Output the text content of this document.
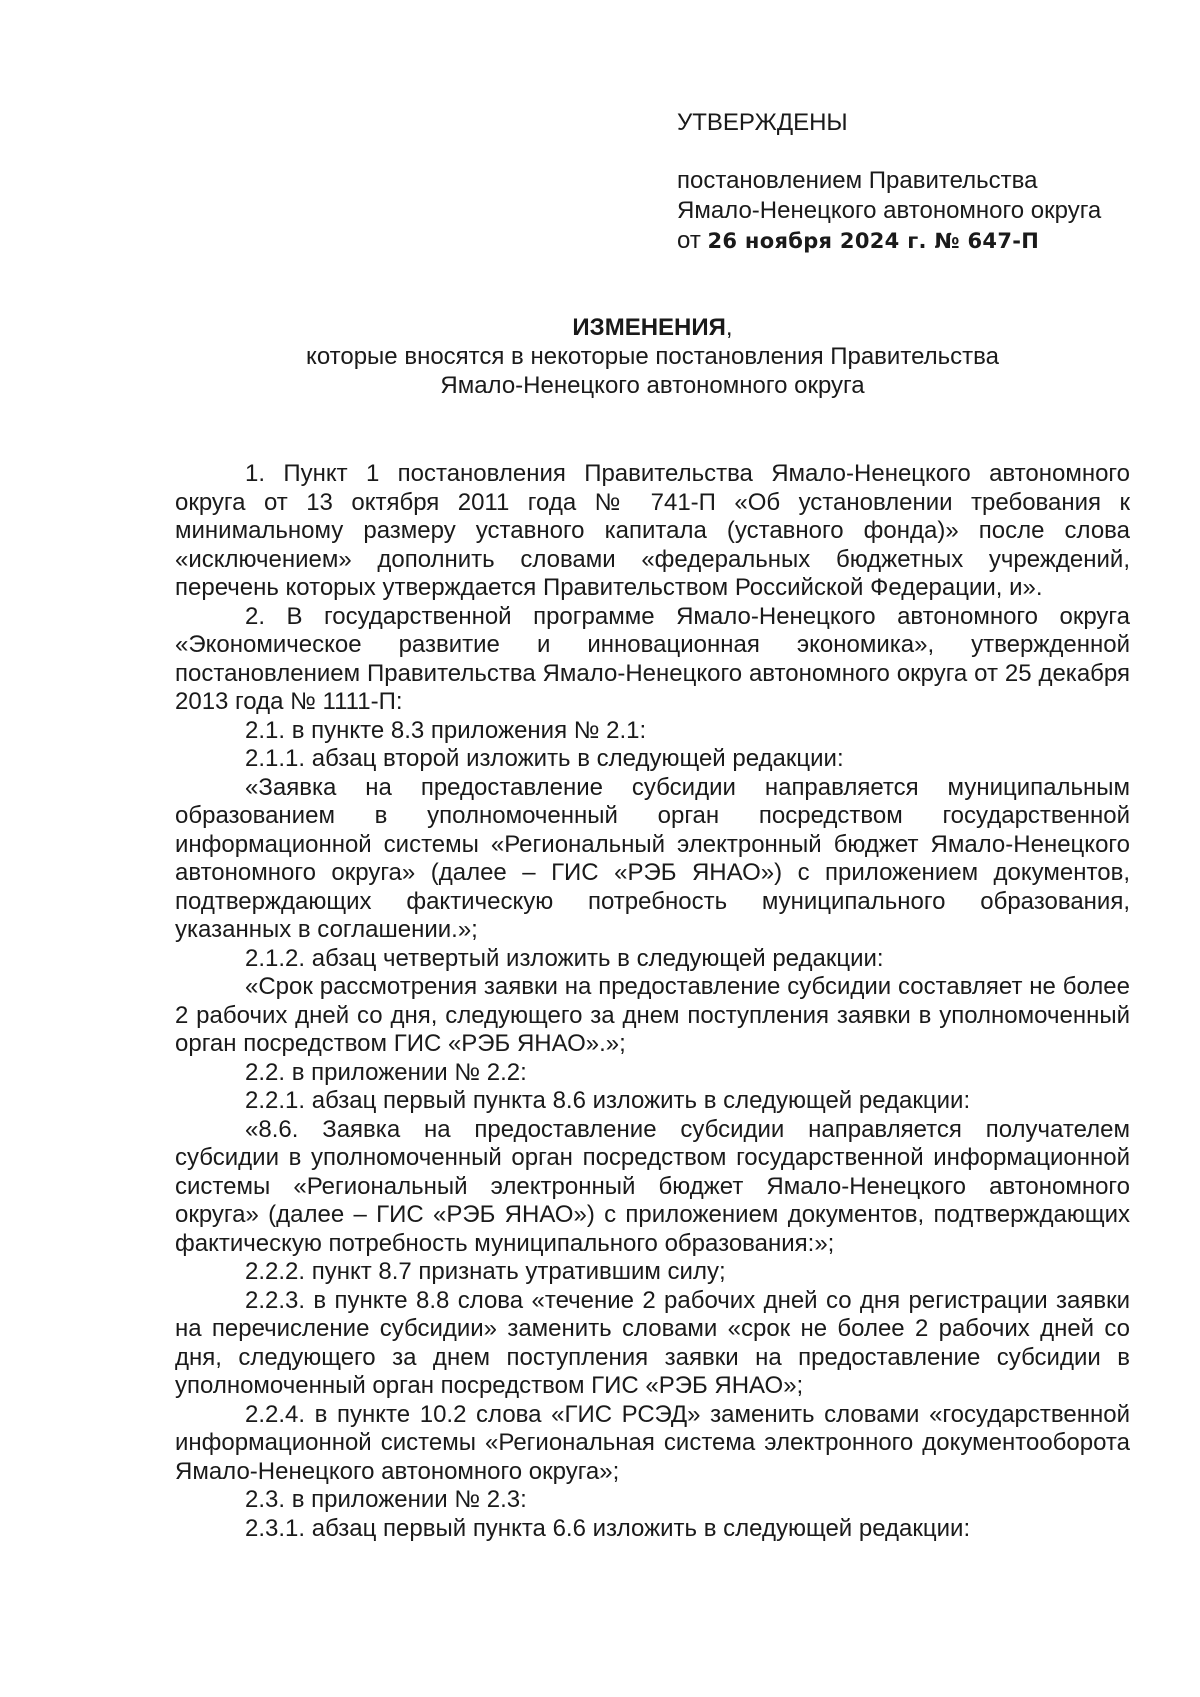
УТВЕРЖДЕНЫ
постановлением Правительства
Ямало-Ненецкого автономного округа
от 26 ноября 2024 г. № 647-П
ИЗМЕНЕНИЯ,
которые вносятся в некоторые постановления Правительства
Ямало-Ненецкого автономного округа

1. Пункт 1 постановления Правительства Ямало-Ненецкого автономного округа от 13 октября 2011 года № 741-П «Об установлении требования к минимальному размеру уставного капитала (уставного фонда)» после слова «исключением» дополнить словами «федеральных бюджетных учреждений, перечень которых утверждается Правительством Российской Федерации, и».

2. В государственной программе Ямало-Ненецкого автономного округа «Экономическое развитие и инновационная экономика», утвержденной постановлением Правительства Ямало-Ненецкого автономного округа от 25 декабря 2013 года № 1111-П:

2.1. в пункте 8.3 приложения № 2.1:

2.1.1. абзац второй изложить в следующей редакции:

«Заявка на предоставление субсидии направляется муниципальным образованием в уполномоченный орган посредством государственной информационной системы «Региональный электронный бюджет Ямало-Ненецкого автономного округа» (далее – ГИС «РЭБ ЯНАО») с приложением документов, подтверждающих фактическую потребность муниципального образования, указанных в соглашении.»;

2.1.2. абзац четвертый изложить в следующей редакции:

«Срок рассмотрения заявки на предоставление субсидии составляет не более 2 рабочих дней со дня, следующего за днем поступления заявки в уполномоченный орган посредством ГИС «РЭБ ЯНАО».»;

2.2. в приложении № 2.2:

2.2.1. абзац первый пункта 8.6 изложить в следующей редакции:

«8.6. Заявка на предоставление субсидии направляется получателем субсидии в уполномоченный орган посредством государственной информационной системы «Региональный электронный бюджет Ямало-Ненецкого автономного округа» (далее – ГИС «РЭБ ЯНАО») с приложением документов, подтверждающих фактическую потребность муниципального образования:»;

2.2.2. пункт 8.7 признать утратившим силу;

2.2.3. в пункте 8.8 слова «течение 2 рабочих дней со дня регистрации заявки на перечисление субсидии» заменить словами «срок не более 2 рабочих дней со дня, следующего за днем поступления заявки на предоставление субсидии в уполномоченный орган посредством ГИС «РЭБ ЯНАО»;

2.2.4. в пункте 10.2 слова «ГИС РСЭД» заменить словами «государственной информационной системы «Региональная система электронного документооборота Ямало-Ненецкого автономного округа»;

2.3. в приложении № 2.3:

2.3.1. абзац первый пункта 6.6 изложить в следующей редакции:
